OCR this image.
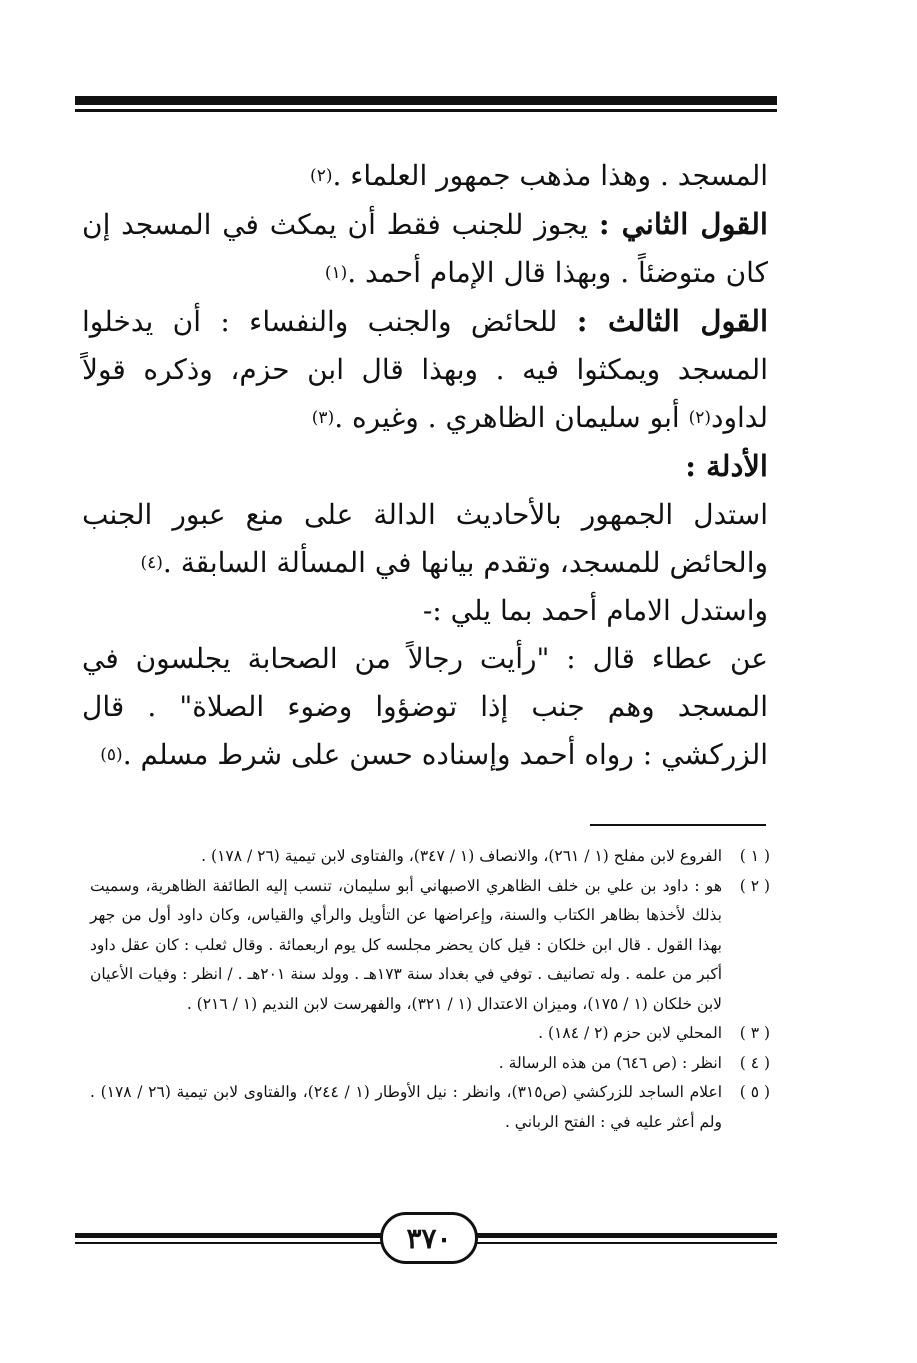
المسجد . وهذا مذهب جمهور العلماء .(٢)

القول الثاني : يجوز للجنب فقط أن يمكث في المسجد إن كان متوضئاً . وبهذا قال الإمام أحمد .(١)

القول الثالث : للحائض والجنب والنفساء : أن يدخلوا المسجد ويمكثوا فيه . وبهذا قال ابن حزم، وذكره قولاً لداود(٢) أبو سليمان الظاهري . وغيره .(٣)

الأدلة :

استدل الجمهور بالأحاديث الدالة على منع عبور الجنب والحائض للمسجد، وتقدم بيانها في المسألة السابقة .(٤)

واستدل الامام أحمد بما يلي :-

عن عطاء قال : "رأيت رجالاً من الصحابة يجلسون في المسجد وهم جنب إذا توضؤوا وضوء الصلاة" . قال الزركشي : رواه أحمد وإسناده حسن على شرط مسلم .(٥)

( ١ )
الفروع لابن مفلح (١ / ٢٦١)، والانصاف (١ / ٣٤٧)، والفتاوى لابن تيمية (٢٦ / ١٧٨) .
( ٢ )
هو : داود بن علي بن خلف الظاهري الاصبهاني أبو سليمان، تنسب إليه الطائفة الظاهرية، وسميت بذلك لأخذها بظاهر الكتاب والسنة، وإعراضها عن التأويل والرأي والقياس، وكان داود أول من جهر بهذا القول . قال ابن خلكان : قيل كان يحضر مجلسه كل يوم اربعمائة . وقال ثعلب : كان عقل داود أكبر من علمه . وله تصانيف . توفي في بغداد سنة ١٧٣هـ . وولد سنة ٢٠١هـ . / انظر : وفيات الأعيان لابن خلكان (١ / ١٧٥)، وميزان الاعتدال (١ / ٣٢١)، والفهرست لابن النديم (١ / ٢١٦) .
( ٣ )
المحلي لابن حزم (٢ / ١٨٤) .
( ٤ )
انظر : (ص ٦٤٦) من هذه الرسالة .
( ٥ )
اعلام الساجد للزركشي (ص٣١٥)، وانظر : نيل الأوطار (١ / ٢٤٤)، والفتاوى لابن تيمية (٢٦ / ١٧٨) . ولم أعثر عليه في : الفتح الرباني .
٣٧٠
